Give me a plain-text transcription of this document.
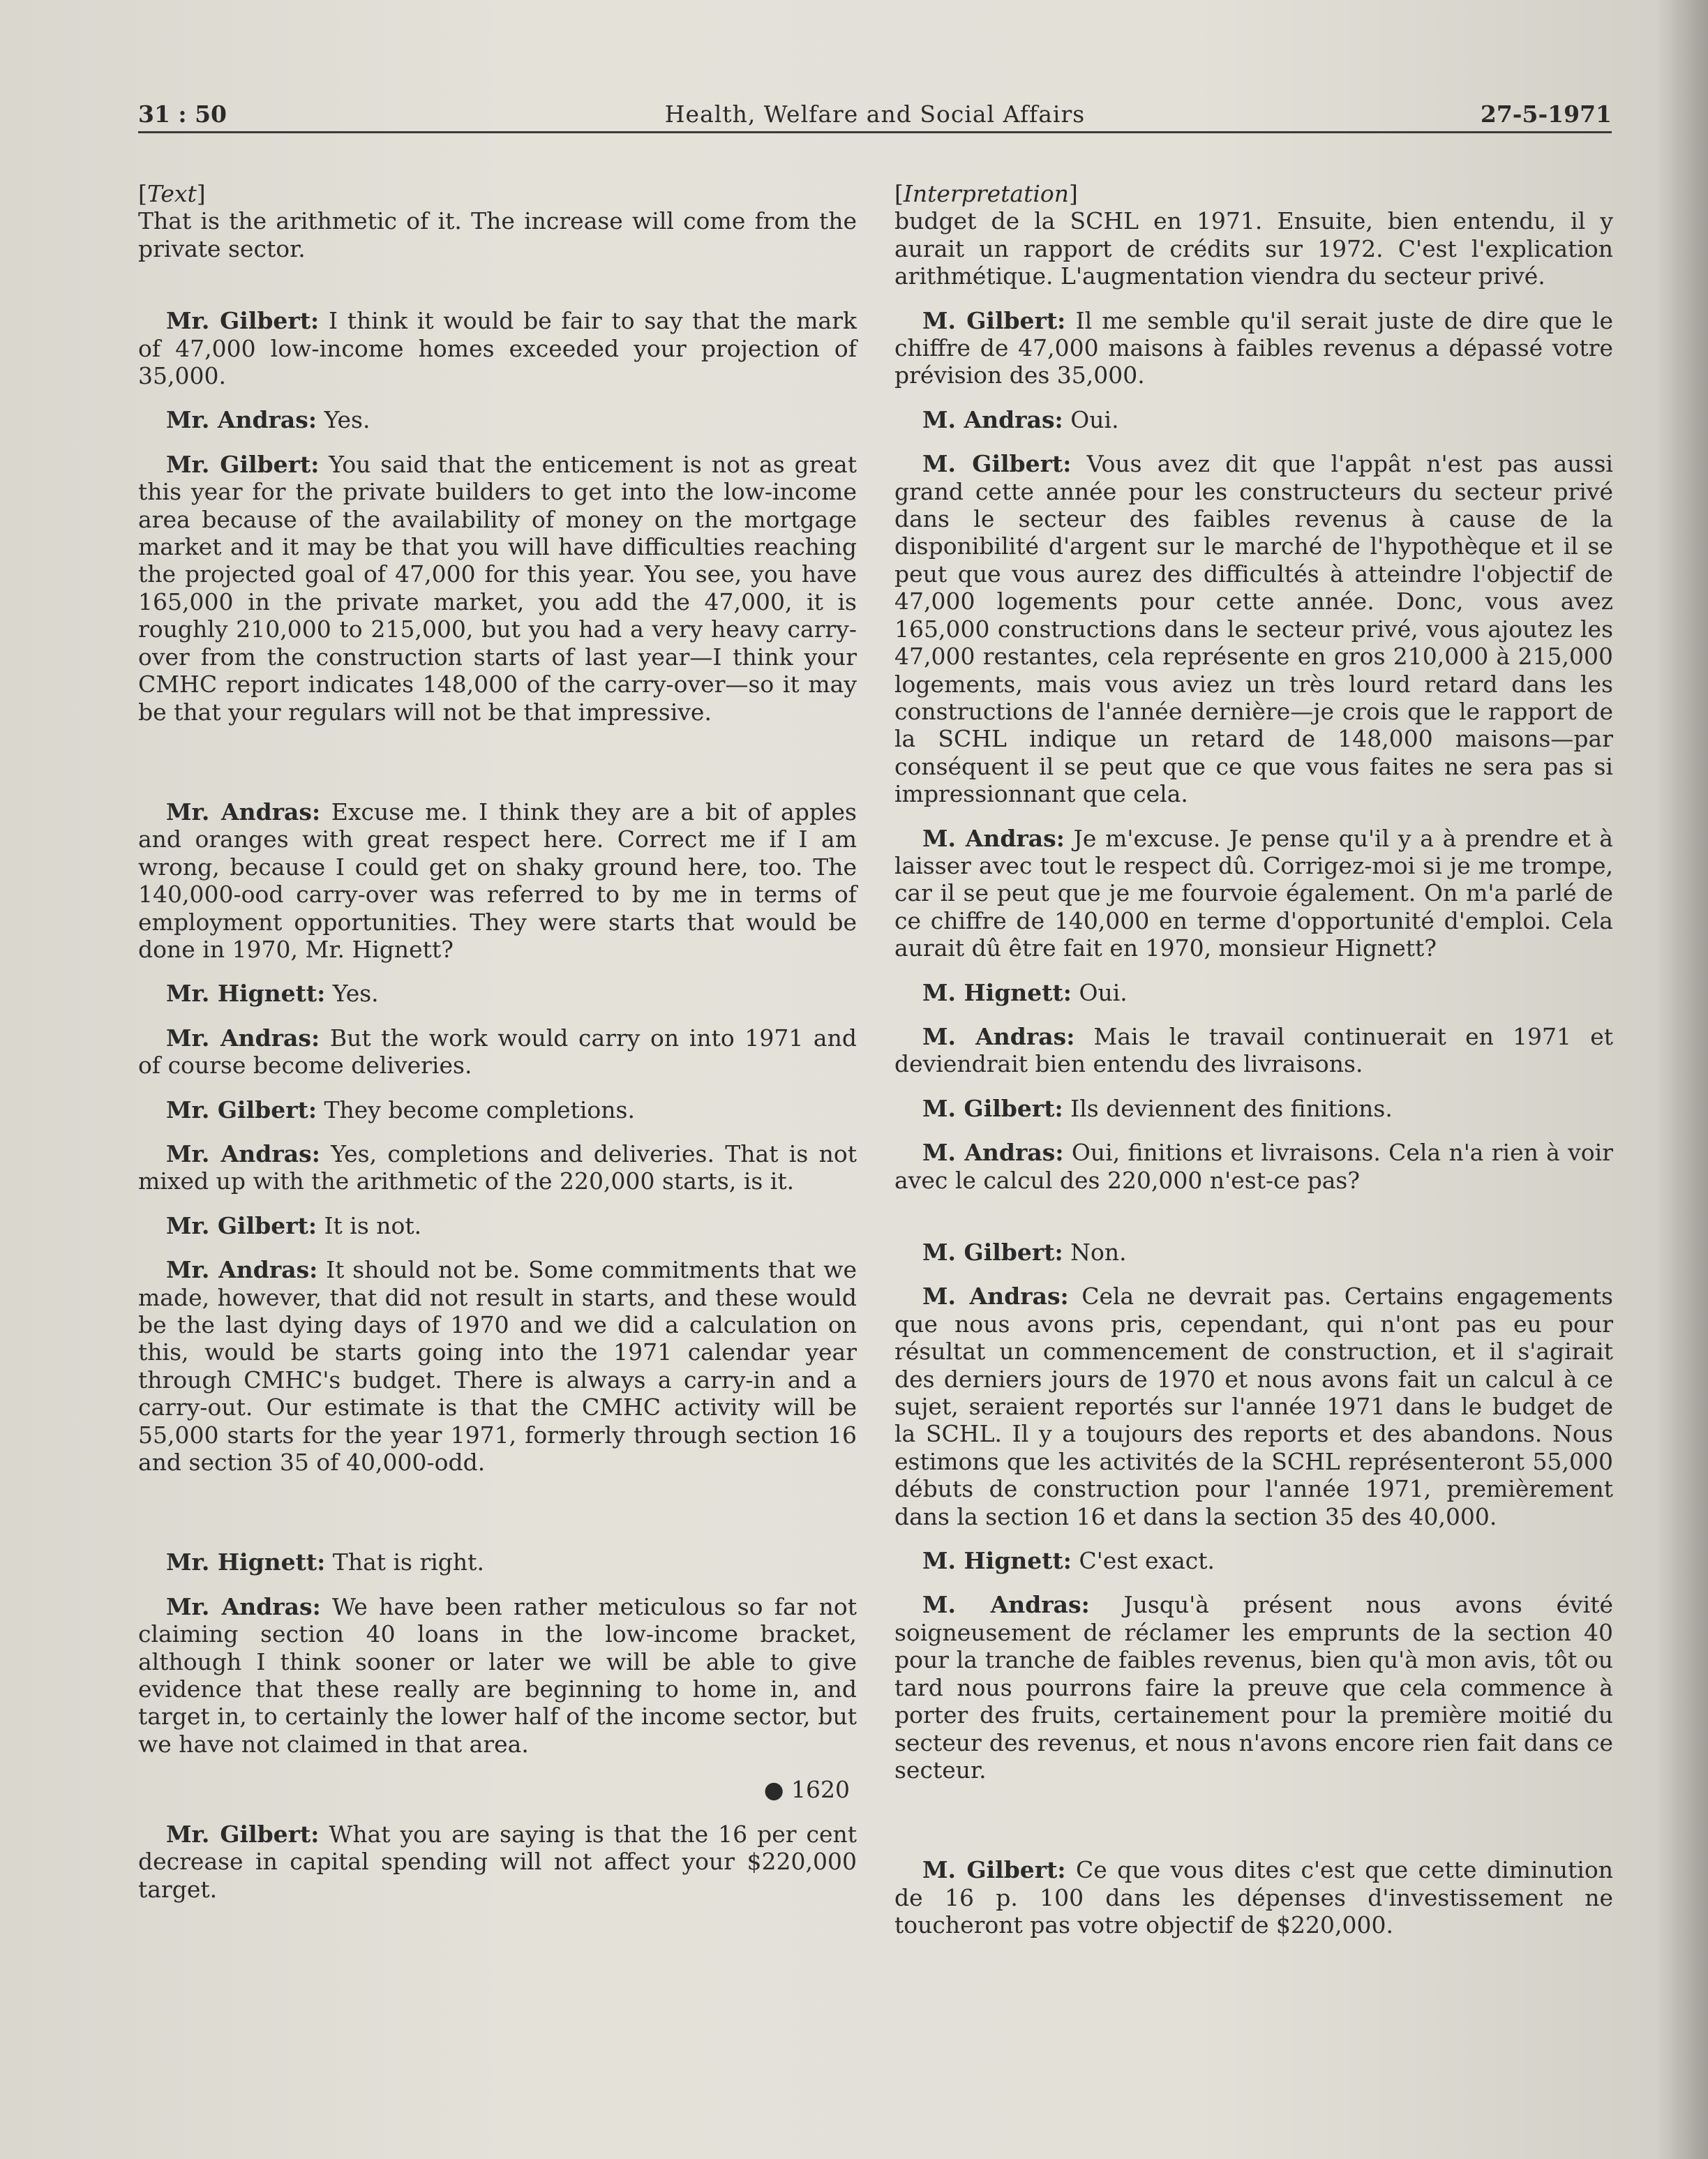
31 : 50	Health, Welfare and Social Affairs	27-5-1971

[Text]

That is the arithmetic of it. The increase will come from the private sector.

Mr. Gilbert: I think it would be fair to say that the mark of 47,000 low-income homes exceeded your projection of 35,000.

Mr. Andras: Yes.

Mr. Gilbert: You said that the enticement is not as great this year for the private builders to get into the low-income area because of the availability of money on the mortgage market and it may be that you will have difficulties reaching the projected goal of 47,000 for this year. You see, you have 165,000 in the private market, you add the 47,000, it is roughly 210,000 to 215,000, but you had a very heavy carry-over from the construction starts of last year—I think your CMHC report indicates 148,000 of the carry-over—so it may be that your regulars will not be that impressive.

Mr. Andras: Excuse me. I think they are a bit of apples and oranges with great respect here. Correct me if I am wrong, because I could get on shaky ground here, too. The 140,000-ood carry-over was referred to by me in terms of employment opportunities. They were starts that would be done in 1970, Mr. Hignett?

Mr. Hignett: Yes.

Mr. Andras: But the work would carry on into 1971 and of course become deliveries.

Mr. Gilbert: They become completions.

Mr. Andras: Yes, completions and deliveries. That is not mixed up with the arithmetic of the 220,000 starts, is it.

Mr. Gilbert: It is not.

Mr. Andras: It should not be. Some commitments that we made, however, that did not result in starts, and these would be the last dying days of 1970 and we did a calculation on this, would be starts going into the 1971 calendar year through CMHC's budget. There is always a carry-in and a carry-out. Our estimate is that the CMHC activity will be 55,000 starts for the year 1971, formerly through section 16 and section 35 of 40,000-odd.

Mr. Hignett: That is right.

Mr. Andras: We have been rather meticulous so far not claiming section 40 loans in the low-income bracket, although I think sooner or later we will be able to give evidence that these really are beginning to home in, and target in, to certainly the lower half of the income sector, but we have not claimed in that area.

● 1620

Mr. Gilbert: What you are saying is that the 16 per cent decrease in capital spending will not affect your $220,000 target.

[Interpretation]

budget de la SCHL en 1971. Ensuite, bien entendu, il y aurait un rapport de crédits sur 1972. C'est l'explication arithmétique. L'augmentation viendra du secteur privé.

M. Gilbert: Il me semble qu'il serait juste de dire que le chiffre de 47,000 maisons à faibles revenus a dépassé votre prévision des 35,000.

M. Andras: Oui.

M. Gilbert: Vous avez dit que l'appât n'est pas aussi grand cette année pour les constructeurs du secteur privé dans le secteur des faibles revenus à cause de la disponibilité d'argent sur le marché de l'hypothèque et il se peut que vous aurez des difficultés à atteindre l'objectif de 47,000 logements pour cette année. Donc, vous avez 165,000 constructions dans le secteur privé, vous ajoutez les 47,000 restantes, cela représente en gros 210,000 à 215,000 logements, mais vous aviez un très lourd retard dans les constructions de l'année dernière—je crois que le rapport de la SCHL indique un retard de 148,000 maisons—par conséquent il se peut que ce que vous faites ne sera pas si impressionnant que cela.

M. Andras: Je m'excuse. Je pense qu'il y a à prendre et à laisser avec tout le respect dû. Corrigez-moi si je me trompe, car il se peut que je me fourvoie également. On m'a parlé de ce chiffre de 140,000 en terme d'opportunité d'emploi. Cela aurait dû être fait en 1970, monsieur Hignett?

M. Hignett: Oui.

M. Andras: Mais le travail continuerait en 1971 et deviendrait bien entendu des livraisons.

M. Gilbert: Ils deviennent des finitions.

M. Andras: Oui, finitions et livraisons. Cela n'a rien à voir avec le calcul des 220,000 n'est-ce pas?

M. Gilbert: Non.

M. Andras: Cela ne devrait pas. Certains engagements que nous avons pris, cependant, qui n'ont pas eu pour résultat un commencement de construction, et il s'agirait des derniers jours de 1970 et nous avons fait un calcul à ce sujet, seraient reportés sur l'année 1971 dans le budget de la SCHL. Il y a toujours des reports et des abandons. Nous estimons que les activités de la SCHL représenteront 55,000 débuts de construction pour l'année 1971, premièrement dans la section 16 et dans la section 35 des 40,000.

M. Hignett: C'est exact.

M. Andras: Jusqu'à présent nous avons évité soigneusement de réclamer les emprunts de la section 40 pour la tranche de faibles revenus, bien qu'à mon avis, tôt ou tard nous pourrons faire la preuve que cela commence à porter des fruits, certainement pour la première moitié du secteur des revenus, et nous n'avons encore rien fait dans ce secteur.

M. Gilbert: Ce que vous dites c'est que cette diminution de 16 p. 100 dans les dépenses d'investissement ne toucheront pas votre objectif de $220,000.
